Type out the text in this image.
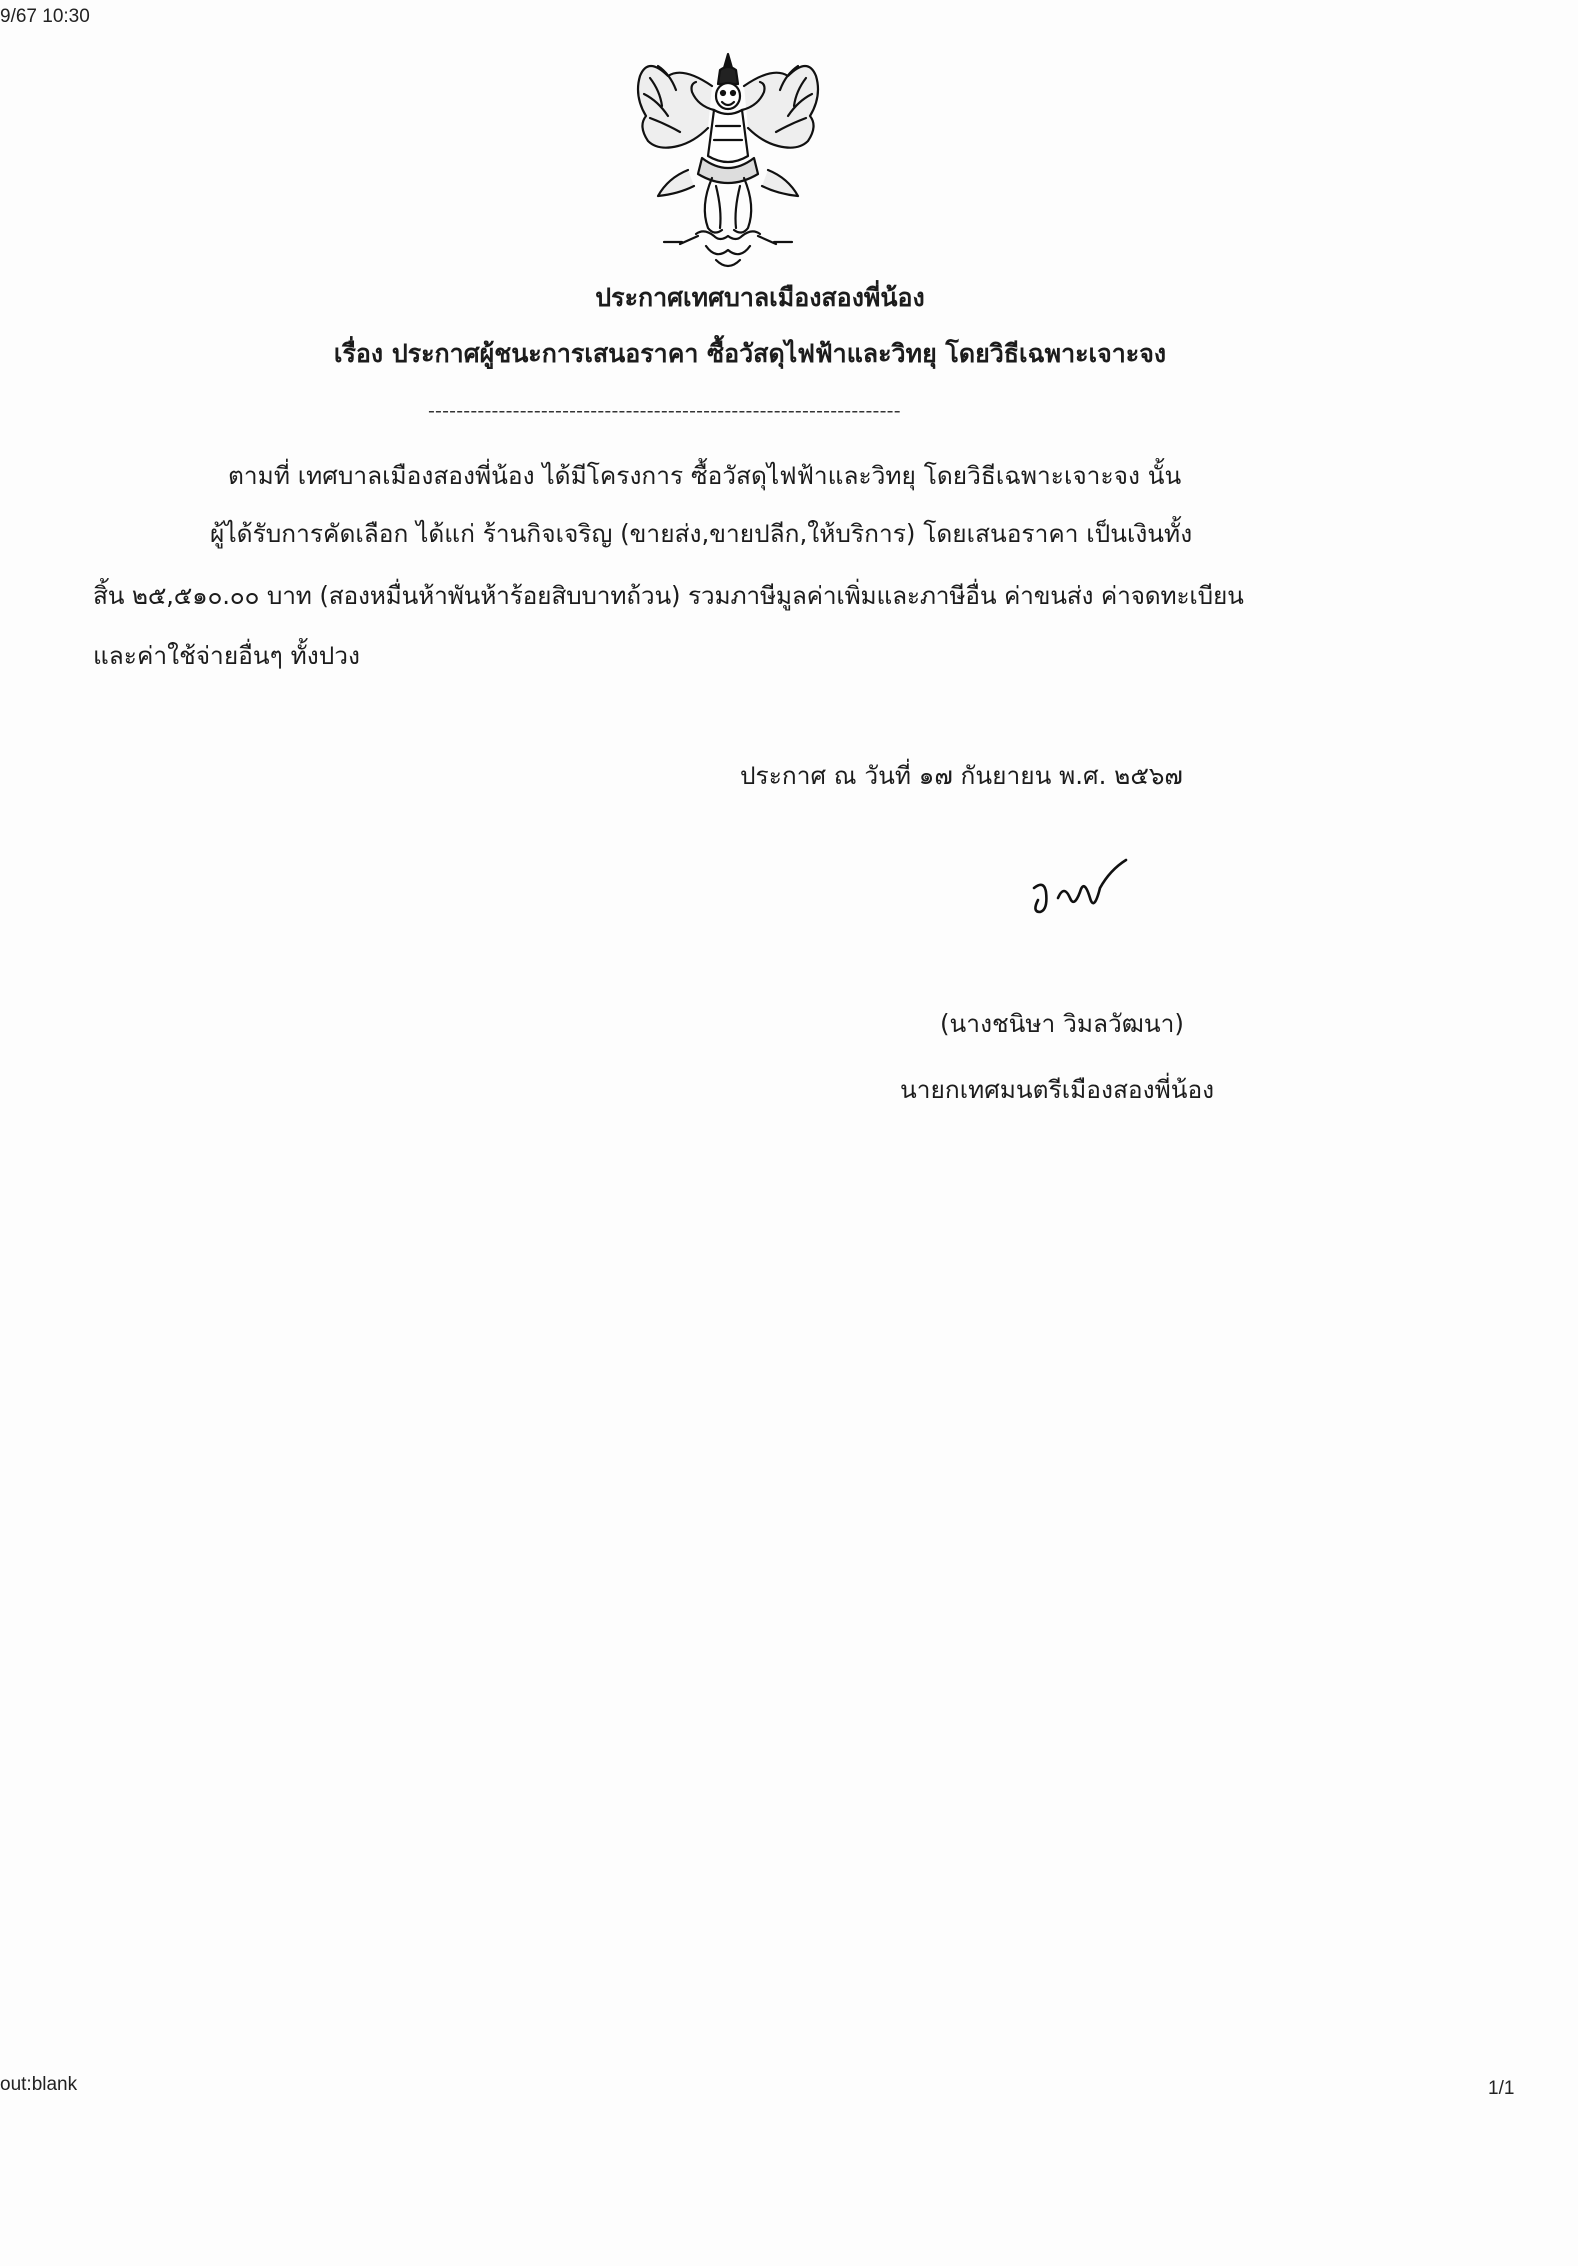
9/67 10:30
ประกาศเทศบาลเมืองสองพี่น้อง
เรื่อง ประกาศผู้ชนะการเสนอราคา ซื้อวัสดุไฟฟ้าและวิทยุ โดยวิธีเฉพาะเจาะจง
-------------------------------------------------------------------
ตามที่ เทศบาลเมืองสองพี่น้อง ได้มีโครงการ ซื้อวัสดุไฟฟ้าและวิทยุ โดยวิธีเฉพาะเจาะจง นั้น
ผู้ได้รับการคัดเลือก ได้แก่ ร้านกิจเจริญ (ขายส่ง,ขายปลีก,ให้บริการ) โดยเสนอราคา เป็นเงินทั้ง
สิ้น ๒๕,๕๑๐.๐๐ บาท (สองหมื่นห้าพันห้าร้อยสิบบาทถ้วน) รวมภาษีมูลค่าเพิ่มและภาษีอื่น ค่าขนส่ง ค่าจดทะเบียน
และค่าใช้จ่ายอื่นๆ ทั้งปวง
ประกาศ ณ วันที่ ๑๗ กันยายน พ.ศ. ๒๕๖๗
(นางชนิษา วิมลวัฒนา)
นายกเทศมนตรีเมืองสองพี่น้อง
out:blank	1/1
